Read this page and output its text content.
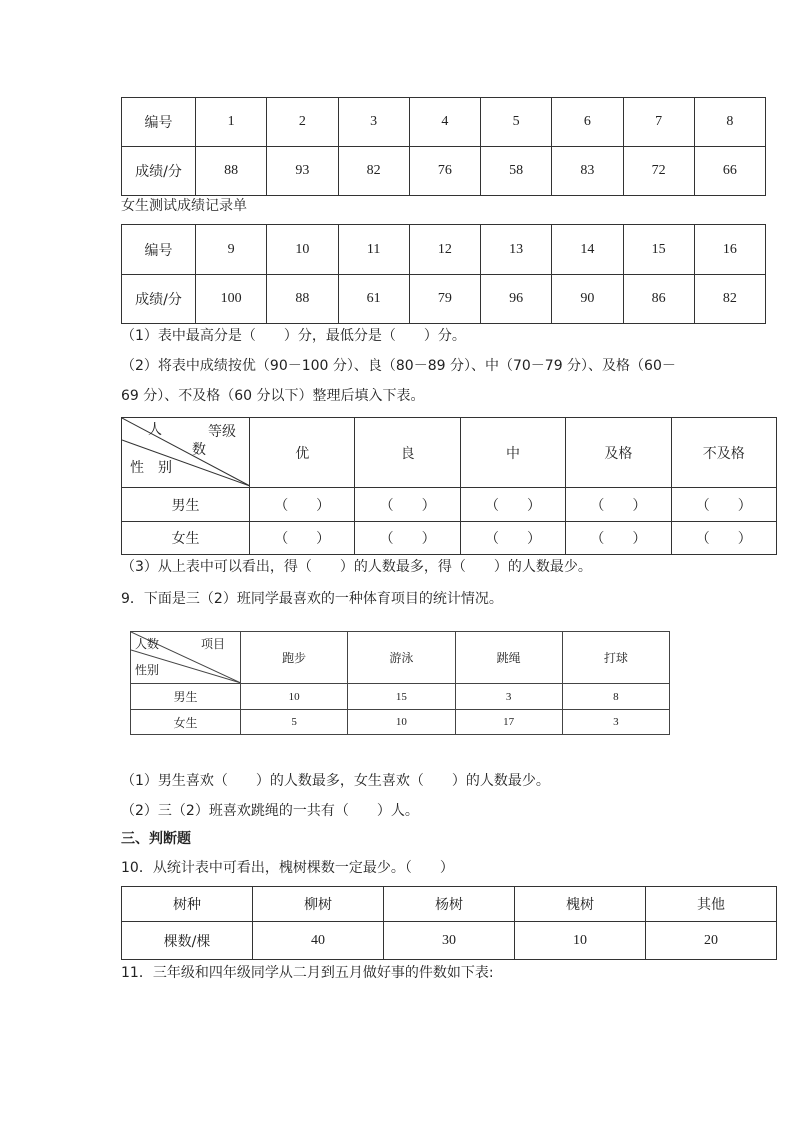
编号	1	2	3	4	5	6	7	8
成绩/分	88	93	82	76	58	83	72	66
女生测试成绩记录单
编号	9	10	11	12	13	14	15	16
成绩/分	100	88	61	79	96	90	86	82
（1）表中最高分是（　　）分，最低分是（　　）分。
（2）将表中成绩按优（90－100 分）、良（80－89 分）、中（70－79 分）、及格（60－
69 分）、不及格（60 分以下）整理后填入下表。
人 等级
数
性　别	优	良	中	及格	不及格
男生	（　　）	（　　）	（　　）	（　　）	（　　）
女生	（　　）	（　　）	（　　）	（　　）	（　　）
（3）从上表中可以看出，得（　　）的人数最多，得（　　）的人数最少。
9．下面是三（2）班同学最喜欢的一种体育项目的统计情况。
人数 项目
性别	跑步	游泳	跳绳	打球
男生	10	15	3	8
女生	5	10	17	3
（1）男生喜欢（　　）的人数最多，女生喜欢（　　）的人数最少。
（2）三（2）班喜欢跳绳的一共有（　　）人。
三、判断题
10．从统计表中可看出，槐树棵数一定最少。（　　）
树种	柳树	杨树	槐树	其他
棵数/棵	40	30	10	20
11．三年级和四年级同学从二月到五月做好事的件数如下表:
